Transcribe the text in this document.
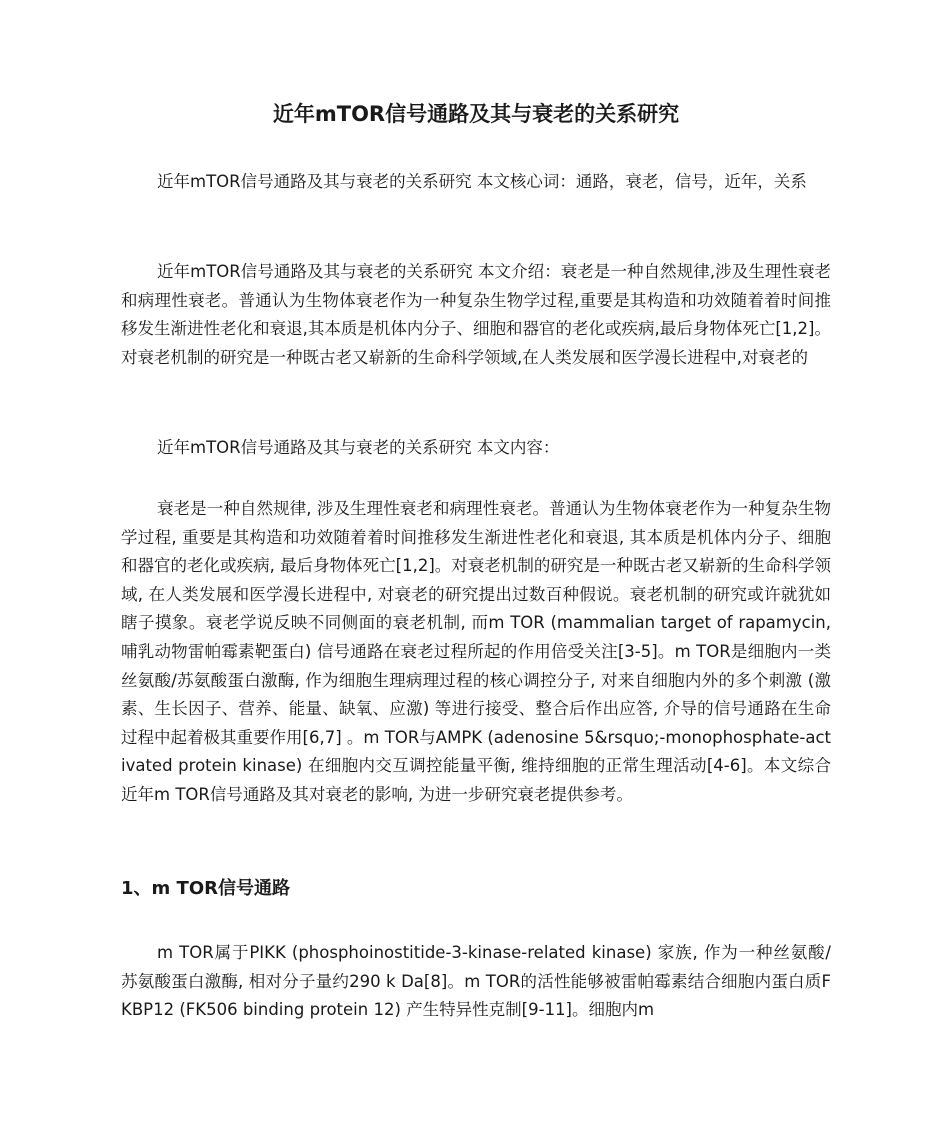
近年mTOR信号通路及其与衰老的关系研究

近年mTOR信号通路及其与衰老的关系研究 本文核心词：通路，衰老，信号，近年，关系

近年mTOR信号通路及其与衰老的关系研究 本文介绍：衰老是一种自然规律,涉及生理性衰老和病理性衰老。普通认为生物体衰老作为一种复杂生物学过程,重要是其构造和功效随着着时间推移发生渐进性老化和衰退,其本质是机体内分子、细胞和器官的老化或疾病,最后身物体死亡[1,2]。对衰老机制的研究是一种既古老又崭新的生命科学领域,在人类发展和医学漫长进程中,对衰老的

近年mTOR信号通路及其与衰老的关系研究 本文内容：

衰老是一种自然规律, 涉及生理性衰老和病理性衰老。普通认为生物体衰老作为一种复杂生物学过程, 重要是其构造和功效随着着时间推移发生渐进性老化和衰退, 其本质是机体内分子、细胞和器官的老化或疾病, 最后身物体死亡[1,2]。对衰老机制的研究是一种既古老又崭新的生命科学领域, 在人类发展和医学漫长进程中, 对衰老的研究提出过数百种假说。衰老机制的研究或许就犹如瞎子摸象。衰老学说反映不同侧面的衰老机制, 而m TOR (mammalian target of rapamycin, 哺乳动物雷帕霉素靶蛋白) 信号通路在衰老过程所起的作用倍受关注[3-5]。m TOR是细胞内一类丝氨酸/苏氨酸蛋白激酶, 作为细胞生理病理过程的核心调控分子, 对来自细胞内外的多个刺激 (激素、生长因子、营养、能量、缺氧、应激) 等进行接受、整合后作出应答, 介导的信号通路在生命过程中起着极其重要作用[6,7] 。m TOR与AMPK (adenosine 5&rsquo;-monophosphate-activated protein kinase) 在细胞内交互调控能量平衡, 维持细胞的正常生理活动[4-6]。本文综合近年m TOR信号通路及其对衰老的影响, 为进一步研究衰老提供参考。

1、m TOR信号通路

m TOR属于PIKK (phosphoinostitide-3-kinase-related kinase) 家族, 作为一种丝氨酸/苏氨酸蛋白激酶, 相对分子量约290 k Da[8]。m TOR的活性能够被雷帕霉素结合细胞内蛋白质FKBP12 (FK506 binding protein 12) 产生特异性克制[9-11]。细胞内m
